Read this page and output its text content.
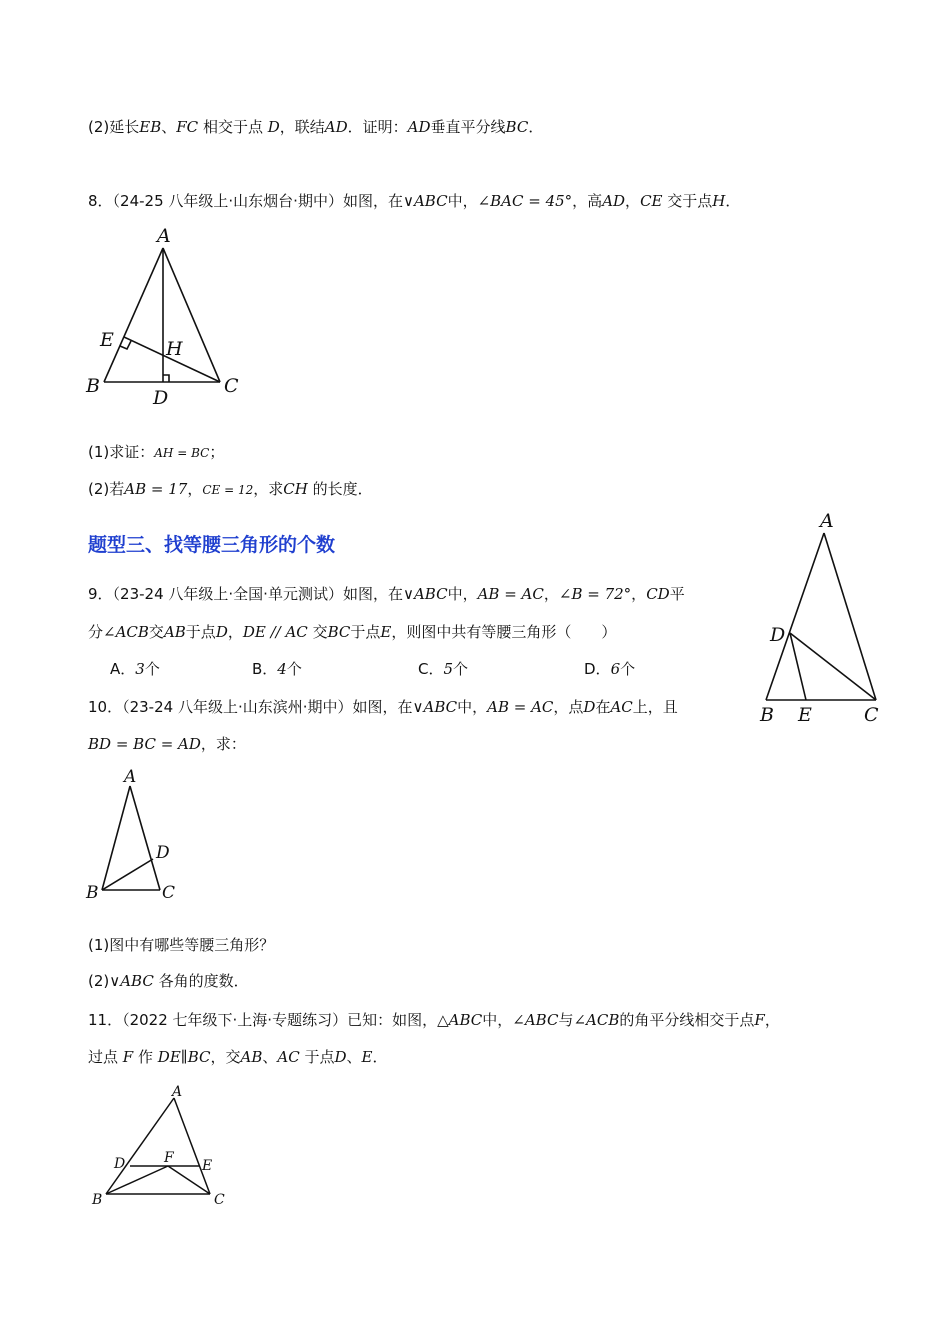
(2)延长EB、FC 相交于点 D，联结AD．证明：AD垂直平分线BC．
8．（24-25 八年级上·山东烟台·期中）如图，在∨ABC中，∠BAC = 45°，高AD，CE 交于点H．
A
B	C
D
E	H
(1)求证：AH = BC；
(2)若AB = 17，CE = 12，求CH 的长度．
题型三、找等腰三角形的个数
A
B	C
D
E
9．（23-24 八年级上·全国·单元测试）如图，在∨ABC中，AB = AC，∠B = 72°，CD平
分∠ACB交AB于点D，DE // AC 交BC于点E，则图中共有等腰三角形（　　）
A．3个	B．4个	C．5个	D．6个
10．（23-24 八年级上·山东滨州·期中）如图，在∨ABC中，AB = AC，点D在AC上，且
BD = BC = AD，求：
A
B	C
D
(1)图中有哪些等腰三角形？
(2)∨ABC 各角的度数．
11．（2022 七年级下·上海·专题练习）已知：如图，△ABC中，∠ABC与∠ACB的角平分线相交于点F，
过点 F 作 DE∥BC，交AB、AC 于点D、E．
A
B	C
D	E
F
